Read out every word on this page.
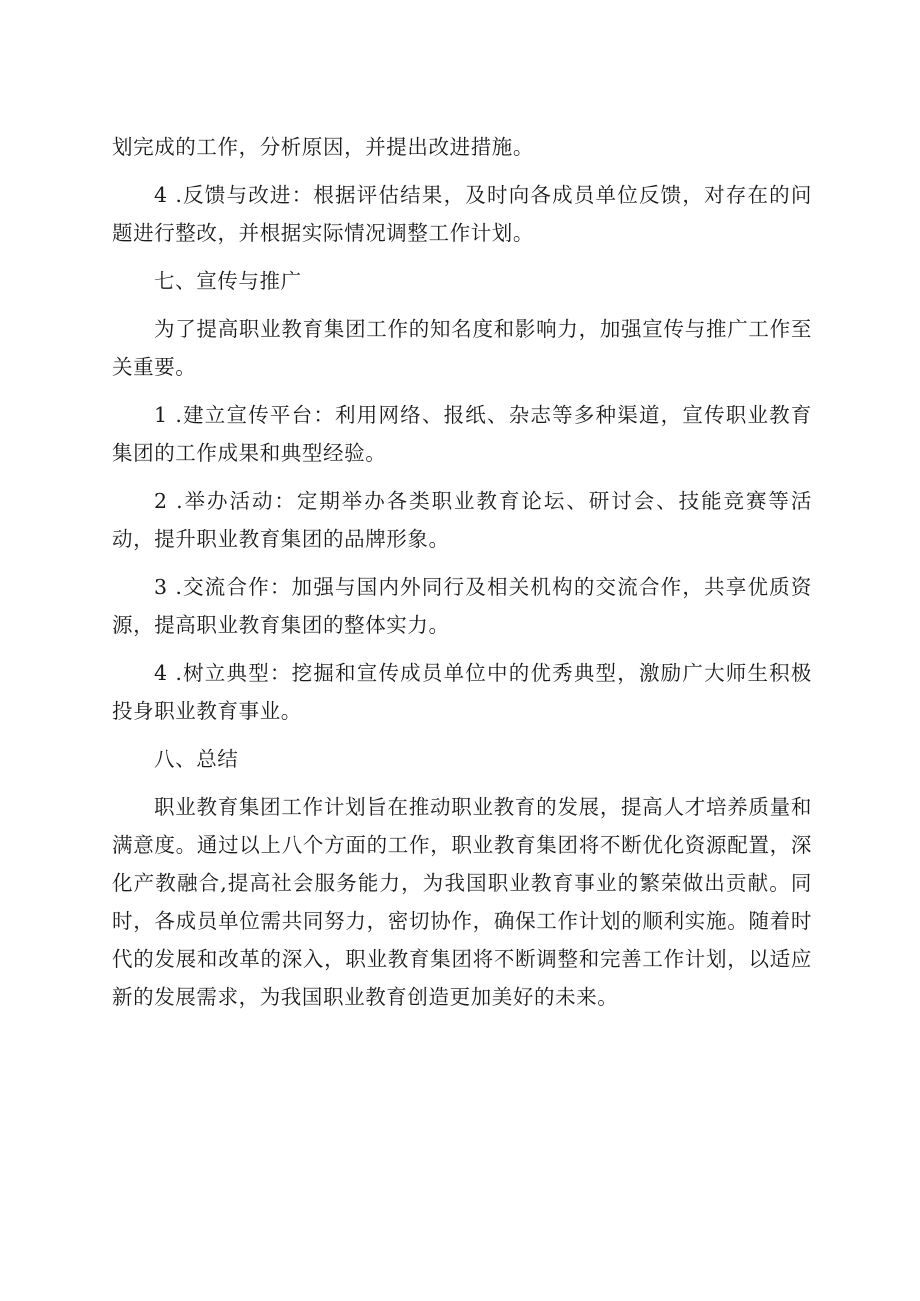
划完成的工作，分析原因，并提出改进措施。

4 .反馈与改进：根据评估结果，及时向各成员单位反馈，对存在的问题进行整改，并根据实际情况调整工作计划。

七、宣传与推广

为了提高职业教育集团工作的知名度和影响力，加强宣传与推广工作至关重要。

1 .建立宣传平台：利用网络、报纸、杂志等多种渠道，宣传职业教育集团的工作成果和典型经验。

2 .举办活动：定期举办各类职业教育论坛、研讨会、技能竞赛等活动，提升职业教育集团的品牌形象。

3 .交流合作：加强与国内外同行及相关机构的交流合作，共享优质资源，提高职业教育集团的整体实力。

4 .树立典型：挖掘和宣传成员单位中的优秀典型，激励广大师生积极投身职业教育事业。

八、总结

职业教育集团工作计划旨在推动职业教育的发展，提高人才培养质量和满意度。通过以上八个方面的工作，职业教育集团将不断优化资源配置，深化产教融合,提高社会服务能力，为我国职业教育事业的繁荣做出贡献。同时，各成员单位需共同努力，密切协作，确保工作计划的顺利实施。随着时代的发展和改革的深入，职业教育集团将不断调整和完善工作计划，以适应新的发展需求，为我国职业教育创造更加美好的未来。
